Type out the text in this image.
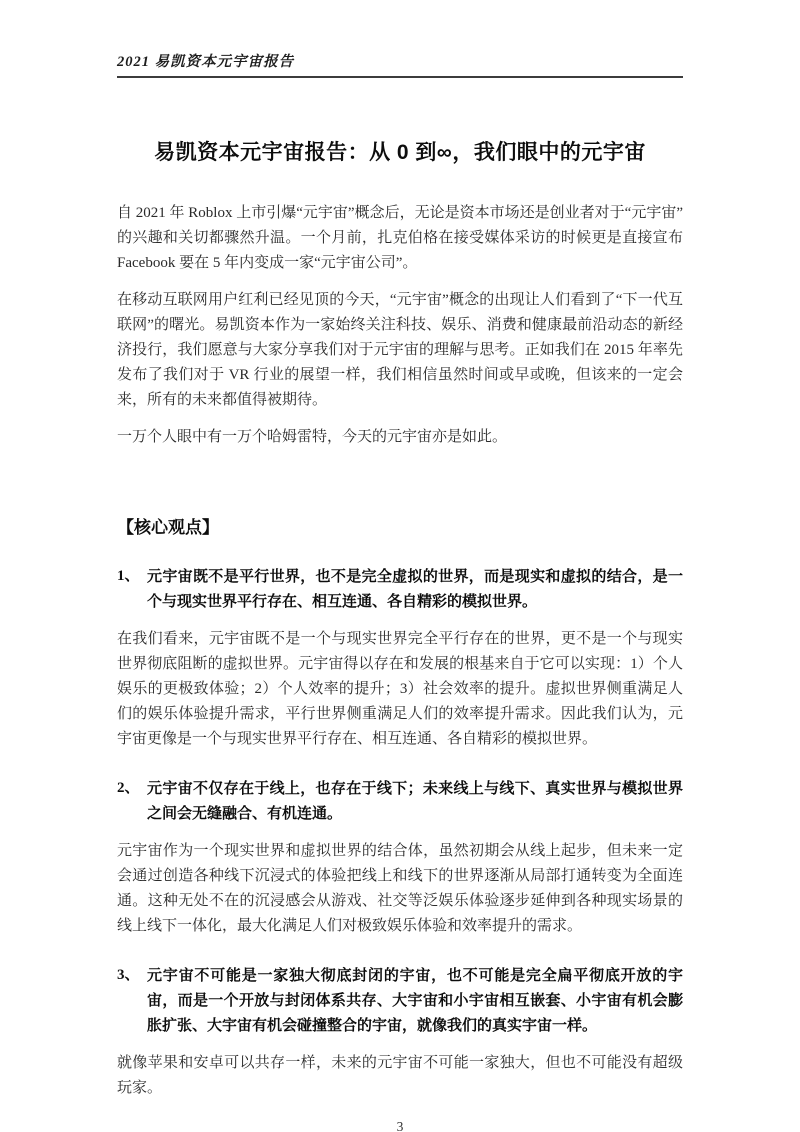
2021 易凯资本元宇宙报告
易凯资本元宇宙报告：从 0 到∞，我们眼中的元宇宙

自 2021 年 Roblox 上市引爆“元宇宙”概念后，无论是资本市场还是创业者对于“元宇宙”的兴趣和关切都骤然升温。一个月前，扎克伯格在接受媒体采访的时候更是直接宣布 Facebook 要在 5 年内变成一家“元宇宙公司”。

在移动互联网用户红利已经见顶的今天，“元宇宙”概念的出现让人们看到了“下一代互联网”的曙光。易凯资本作为一家始终关注科技、娱乐、消费和健康最前沿动态的新经济投行，我们愿意与大家分享我们对于元宇宙的理解与思考。正如我们在 2015 年率先发布了我们对于 VR 行业的展望一样，我们相信虽然时间或早或晚，但该来的一定会来，所有的未来都值得被期待。

一万个人眼中有一万个哈姆雷特，今天的元宇宙亦是如此。

【核心观点】
1、 元宇宙既不是平行世界，也不是完全虚拟的世界，而是现实和虚拟的结合，是一个与现实世界平行存在、相互连通、各自精彩的模拟世界。

在我们看来，元宇宙既不是一个与现实世界完全平行存在的世界，更不是一个与现实世界彻底阻断的虚拟世界。元宇宙得以存在和发展的根基来自于它可以实现：1）个人娱乐的更极致体验；2）个人效率的提升；3）社会效率的提升。虚拟世界侧重满足人们的娱乐体验提升需求，平行世界侧重满足人们的效率提升需求。因此我们认为，元宇宙更像是一个与现实世界平行存在、相互连通、各自精彩的模拟世界。

2、 元宇宙不仅存在于线上，也存在于线下；未来线上与线下、真实世界与模拟世界之间会无缝融合、有机连通。

元宇宙作为一个现实世界和虚拟世界的结合体，虽然初期会从线上起步，但未来一定会通过创造各种线下沉浸式的体验把线上和线下的世界逐渐从局部打通转变为全面连通。这种无处不在的沉浸感会从游戏、社交等泛娱乐体验逐步延伸到各种现实场景的线上线下一体化，最大化满足人们对极致娱乐体验和效率提升的需求。

3、 元宇宙不可能是一家独大彻底封闭的宇宙，也不可能是完全扁平彻底开放的宇宙，而是一个开放与封闭体系共存、大宇宙和小宇宙相互嵌套、小宇宙有机会膨胀扩张、大宇宙有机会碰撞整合的宇宙，就像我们的真实宇宙一样。

就像苹果和安卓可以共存一样，未来的元宇宙不可能一家独大，但也不可能没有超级玩家。

3
